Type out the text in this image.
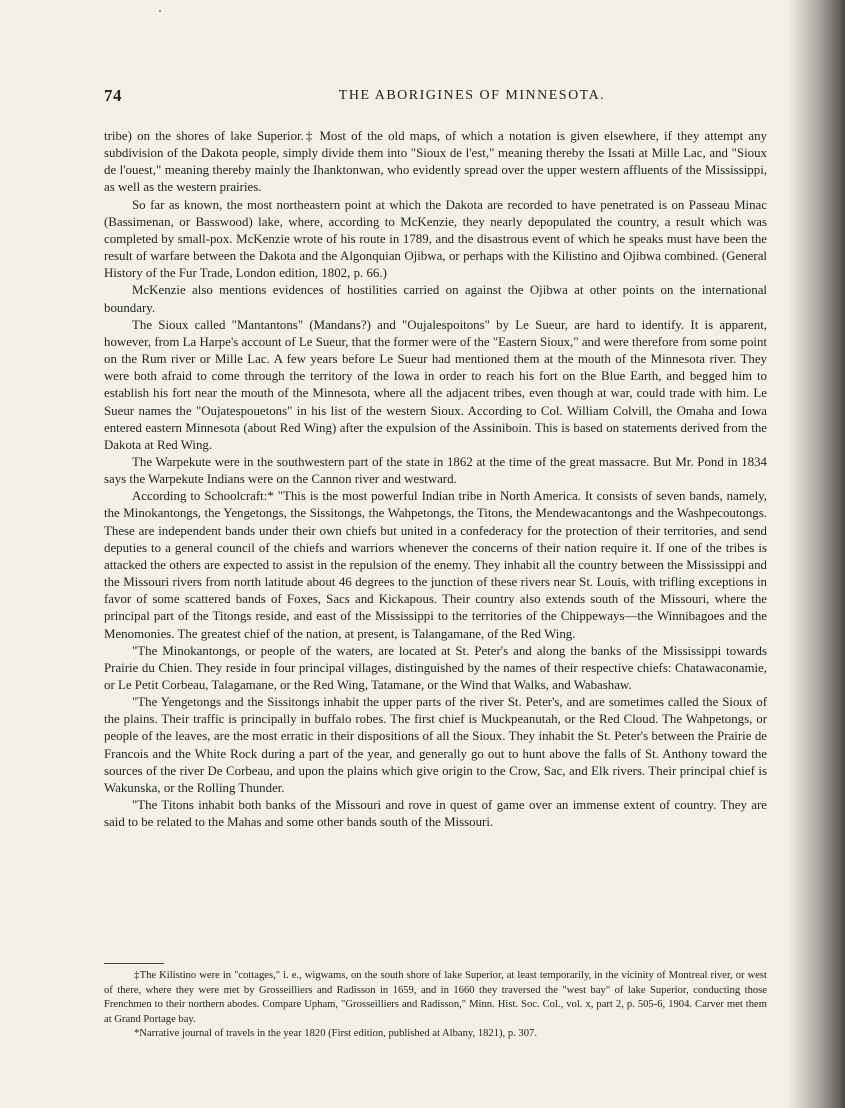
74	THE ABORIGINES OF MINNESOTA.

tribe) on the shores of lake Superior.‡ Most of the old maps, of which a notation is given elsewhere, if they attempt any subdivision of the Dakota people, simply divide them into "Sioux de l'est," meaning thereby the Issati at Mille Lac, and "Sioux de l'ouest," meaning thereby mainly the Ihanktonwan, who evidently spread over the upper western affluents of the Mississippi, as well as the western prairies.

So far as known, the most northeastern point at which the Dakota are recorded to have penetrated is on Passeau Minac (Bassimenan, or Basswood) lake, where, according to McKenzie, they nearly depopulated the country, a result which was completed by small-pox. McKenzie wrote of his route in 1789, and the disastrous event of which he speaks must have been the result of warfare between the Dakota and the Algonquian Ojibwa, or perhaps with the Kilistino and Ojibwa combined. (General History of the Fur Trade, London edition, 1802, p. 66.)

McKenzie also mentions evidences of hostilities carried on against the Ojibwa at other points on the international boundary.

The Sioux called "Mantantons" (Mandans?) and "Oujalespoitons" by Le Sueur, are hard to identify. It is apparent, however, from La Harpe's account of Le Sueur, that the former were of the "Eastern Sioux," and were therefore from some point on the Rum river or Mille Lac. A few years before Le Sueur had mentioned them at the mouth of the Minnesota river. They were both afraid to come through the territory of the Iowa in order to reach his fort on the Blue Earth, and begged him to establish his fort near the mouth of the Minnesota, where all the adjacent tribes, even though at war, could trade with him. Le Sueur names the "Oujatespouetons" in his list of the western Sioux. According to Col. William Colvill, the Omaha and Iowa entered eastern Minnesota (about Red Wing) after the expulsion of the Assiniboin. This is based on statements derived from the Dakota at Red Wing.

The Warpekute were in the southwestern part of the state in 1862 at the time of the great massacre. But Mr. Pond in 1834 says the Warpekute Indians were on the Cannon river and westward.

According to Schoolcraft:* "This is the most powerful Indian tribe in North America. It consists of seven bands, namely, the Minokantongs, the Yengetongs, the Sissitongs, the Wahpetongs, the Titons, the Mendewacantongs and the Washpecoutongs. These are independent bands under their own chiefs but united in a confederacy for the protection of their territories, and send deputies to a general council of the chiefs and warriors whenever the concerns of their nation require it. If one of the tribes is attacked the others are expected to assist in the repulsion of the enemy. They inhabit all the country between the Mississippi and the Missouri rivers from north latitude about 46 degrees to the junction of these rivers near St. Louis, with trifling exceptions in favor of some scattered bands of Foxes, Sacs and Kickapous. Their country also extends south of the Missouri, where the principal part of the Titongs reside, and east of the Mississippi to the territories of the Chippeways—the Winnibagoes and the Menomonies. The greatest chief of the nation, at present, is Talangamane, of the Red Wing.

"The Minokantongs, or people of the waters, are located at St. Peter's and along the banks of the Mississippi towards Prairie du Chien. They reside in four principal villages, distinguished by the names of their respective chiefs: Chatawaconamie, or Le Petit Corbeau, Talagamane, or the Red Wing, Tatamane, or the Wind that Walks, and Wabashaw.

"The Yengetongs and the Sissitongs inhabit the upper parts of the river St. Peter's, and are sometimes called the Sioux of the plains. Their traffic is principally in buffalo robes. The first chief is Muckpeanutah, or the Red Cloud. The Wahpetongs, or people of the leaves, are the most erratic in their dispositions of all the Sioux. They inhabit the St. Peter's between the Prairie de Francois and the White Rock during a part of the year, and generally go out to hunt above the falls of St. Anthony toward the sources of the river De Corbeau, and upon the plains which give origin to the Crow, Sac, and Elk rivers. Their principal chief is Wakunska, or the Rolling Thunder.

"The Titons inhabit both banks of the Missouri and rove in quest of game over an immense extent of country. They are said to be related to the Mahas and some other bands south of the Missouri.

‡The Kilistino were in "cottages," i. e., wigwams, on the south shore of lake Superior, at least temporarily, in the vicinity of Montreal river, or west of there, where they were met by Grosseilliers and Radisson in 1659, and in 1660 they traversed the "west bay" of lake Superior, conducting those Frenchmen to their northern abodes. Compare Upham, "Grosseilliers and Radisson," Minn. Hist. Soc. Col., vol. x, part 2, p. 505-6, 1904. Carver met them at Grand Portage bay.

*Narrative journal of travels in the year 1820 (First edition, published at Albany, 1821), p. 307.
